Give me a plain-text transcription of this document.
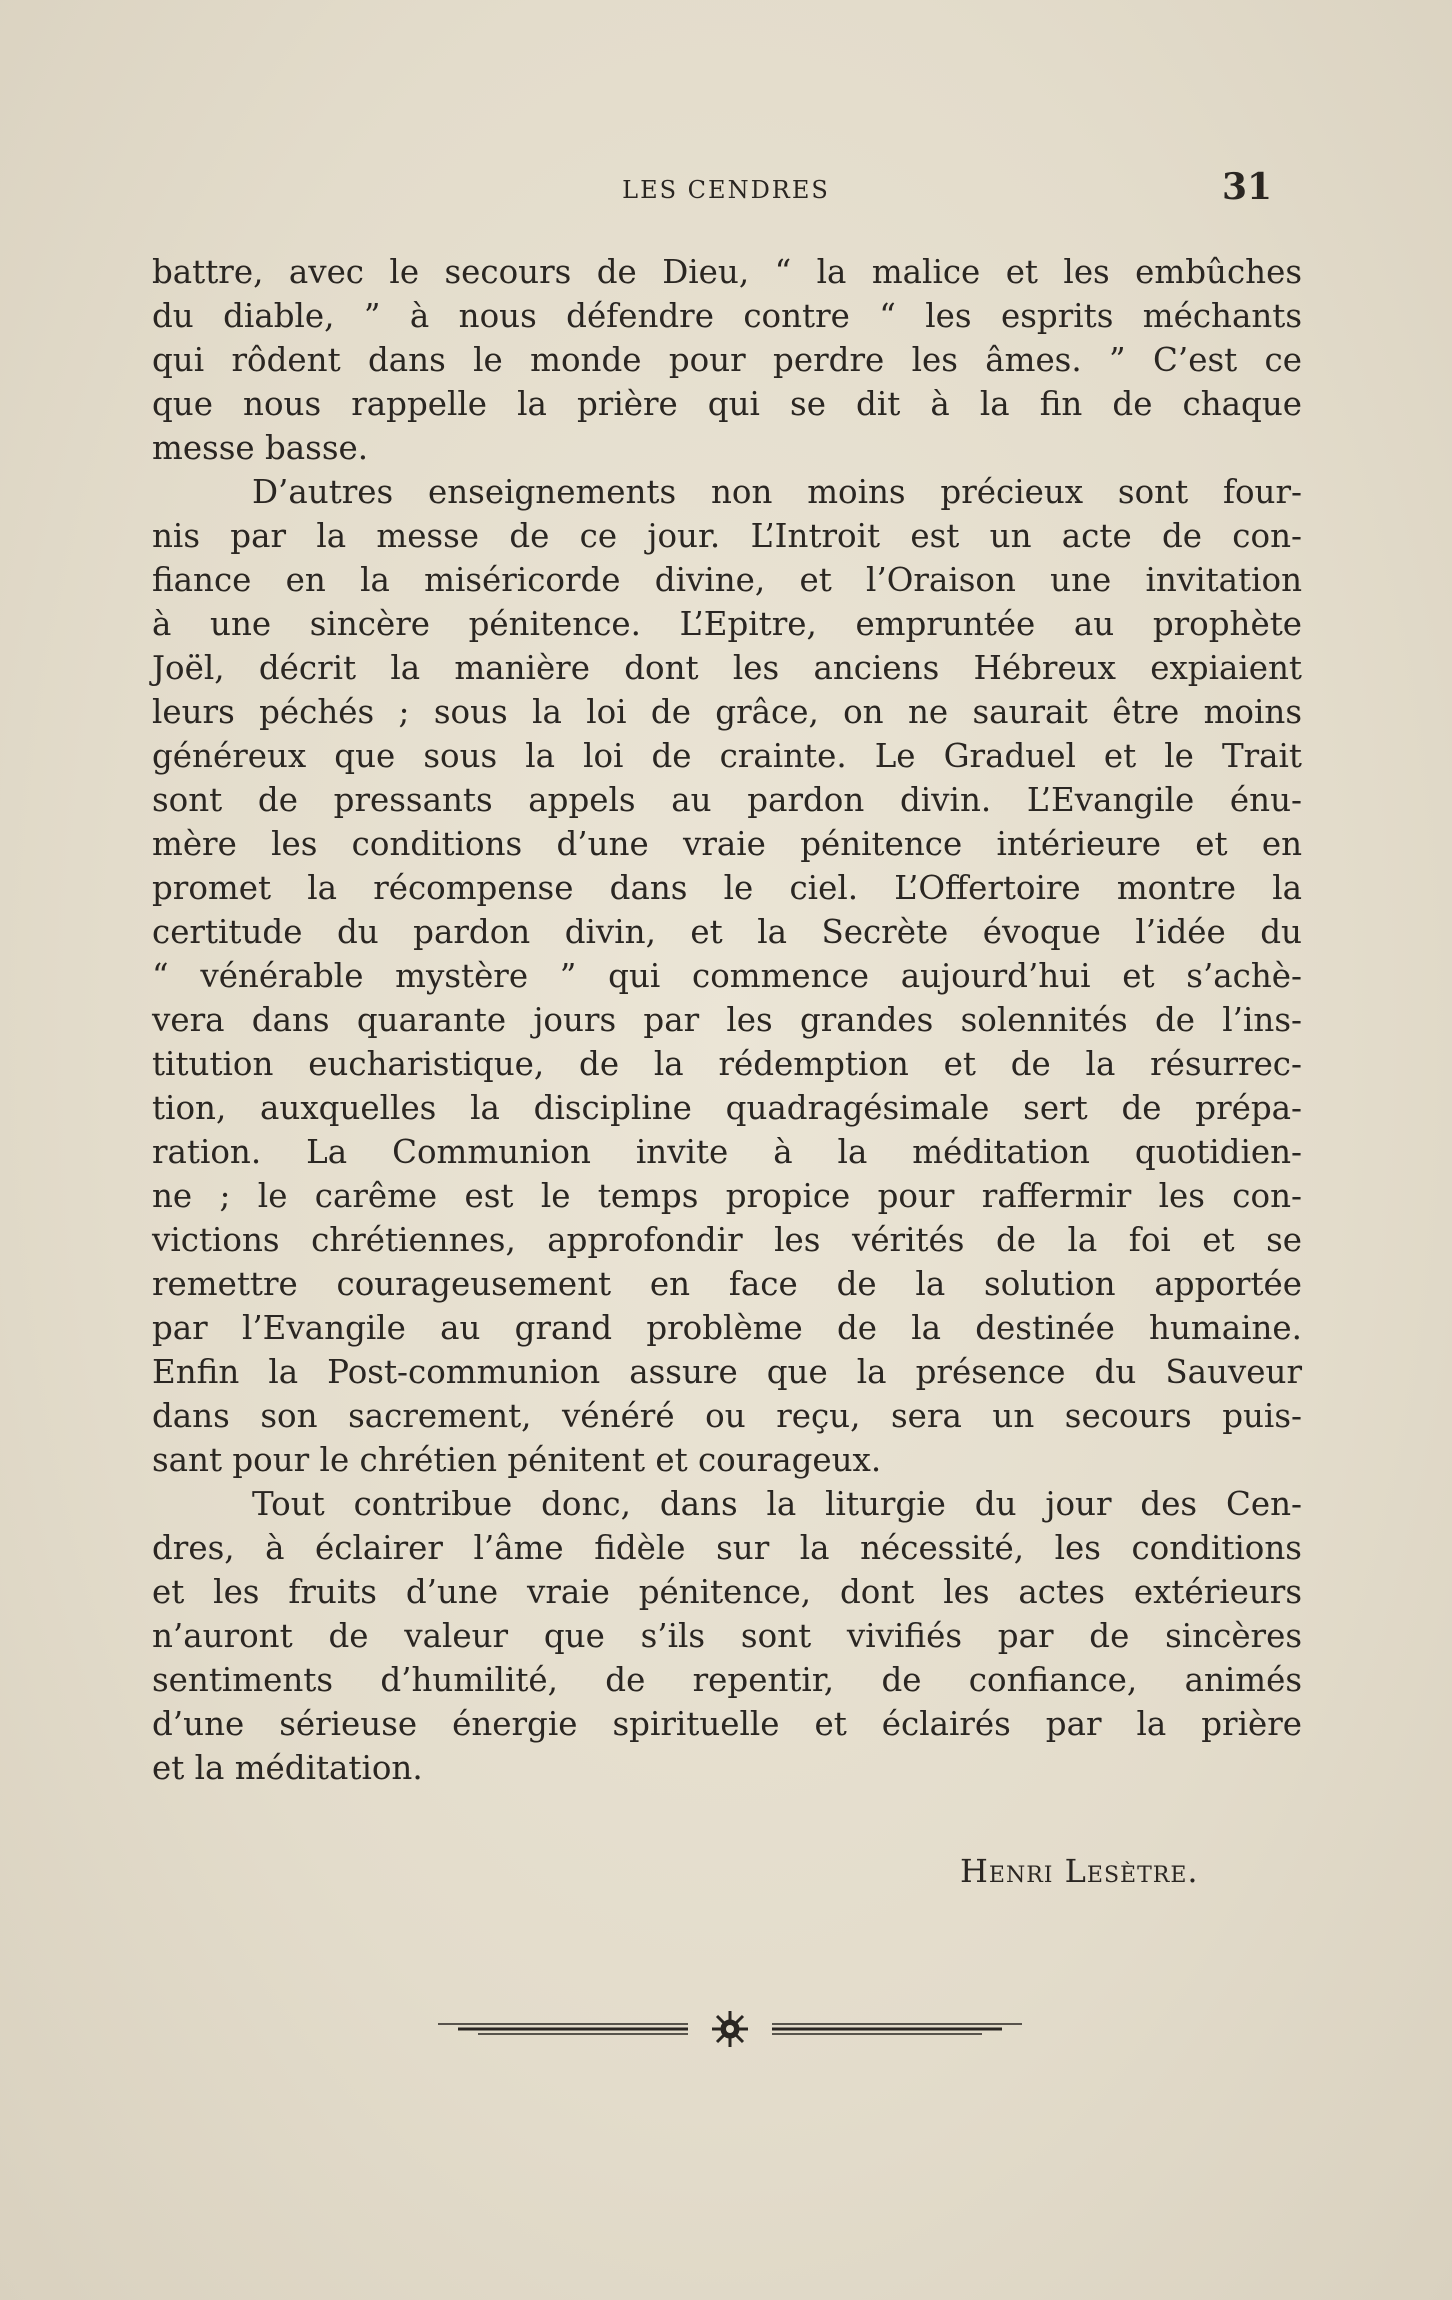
LES CENDRES	31
battre, avec le secours de Dieu, “ la malice et les embûches
du diable, ” à nous défendre contre “ les esprits méchants
qui rôdent dans le monde pour perdre les âmes. ” C’est ce
que nous rappelle la prière qui se dit à la fin de chaque
messe basse.
D’autres enseignements non moins précieux sont four-
nis par la messe de ce jour. L’Introit est un acte de con-
fiance en la miséricorde divine, et l’Oraison une invitation
à une sincère pénitence. L’Epitre, empruntée au prophète
Joël, décrit la manière dont les anciens Hébreux expiaient
leurs péchés ; sous la loi de grâce, on ne saurait être moins
généreux que sous la loi de crainte. Le Graduel et le Trait
sont de pressants appels au pardon divin. L’Evangile énu-
mère les conditions d’une vraie pénitence intérieure et en
promet la récompense dans le ciel. L’Offertoire montre la
certitude du pardon divin, et la Secrète évoque l’idée du
“ vénérable mystère ” qui commence aujourd’hui et s’achè-
vera dans quarante jours par les grandes solennités de l’ins-
titution eucharistique, de la rédemption et de la résurrec-
tion, auxquelles la discipline quadragésimale sert de prépa-
ration. La Communion invite à la méditation quotidien-
ne ; le carême est le temps propice pour raffermir les con-
victions chrétiennes, approfondir les vérités de la foi et se
remettre courageusement en face de la solution apportée
par l’Evangile au grand problème de la destinée humaine.
Enfin la Post-communion assure que la présence du Sauveur
dans son sacrement, vénéré ou reçu, sera un secours puis-
sant pour le chrétien pénitent et courageux.
Tout contribue donc, dans la liturgie du jour des Cen-
dres, à éclairer l’âme fidèle sur la nécessité, les conditions
et les fruits d’une vraie pénitence, dont les actes extérieurs
n’auront de valeur que s’ils sont vivifiés par de sincères
sentiments d’humilité, de repentir, de confiance, animés
d’une sérieuse énergie spirituelle et éclairés par la prière
et la méditation.
Henri Lesètre.
